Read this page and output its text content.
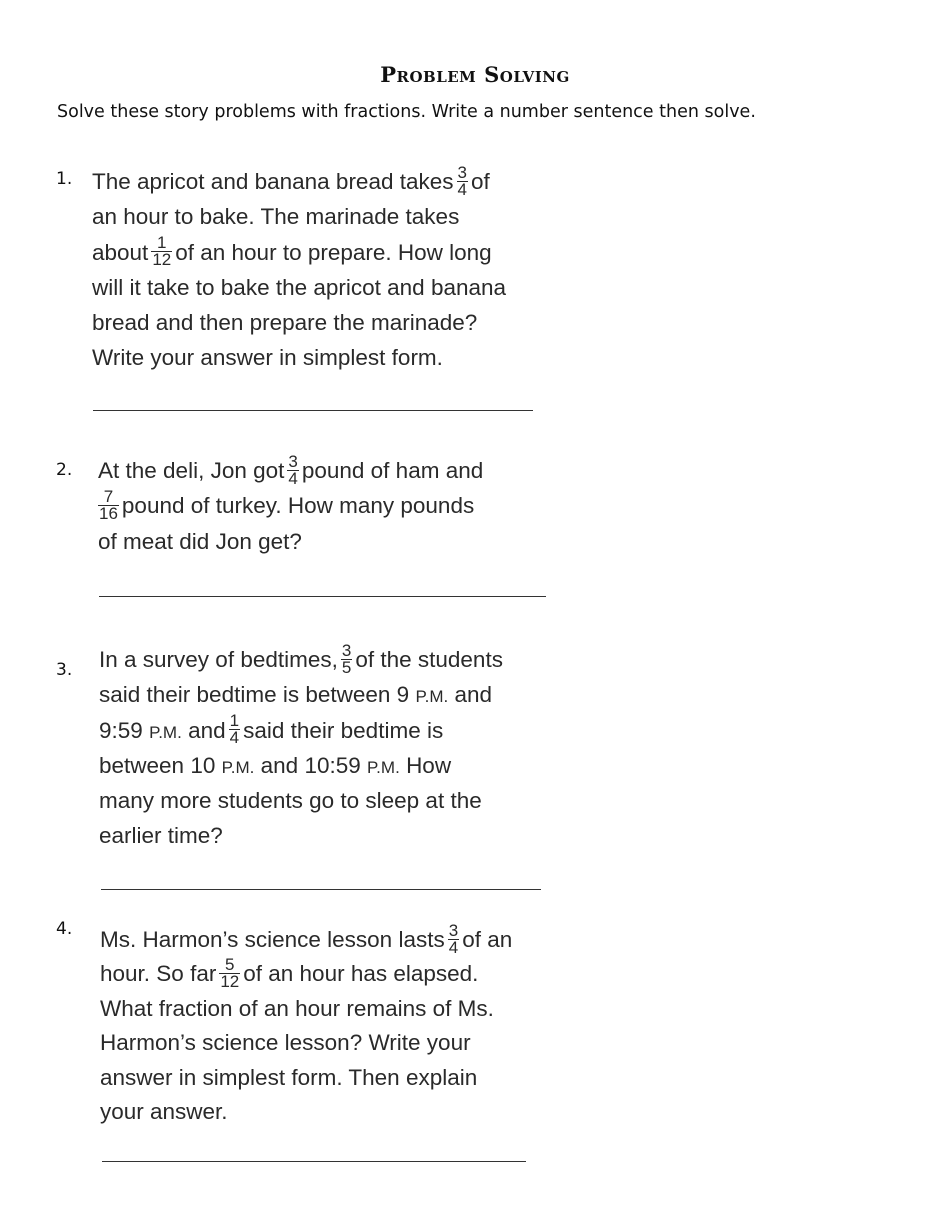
Problem Solving
Solve these story problems with fractions. Write a number sentence then solve.
1. The apricot and banana bread takes $\frac{3}{4}$ of
an hour to bake. The marinade takes
about $\frac{1}{12}$ of an hour to prepare. How long
will it take to bake the apricot and banana
bread and then prepare the marinade?
Write your answer in simplest form.
2. At the deli, Jon got $\frac{3}{4}$ pound of ham and
$\frac{7}{16}$ pound of turkey. How many pounds
of meat did Jon get?
3. In a survey of bedtimes, $\frac{3}{5}$ of the students
said their bedtime is between 9 P.M. and
9:59 P.M. and $\frac{1}{4}$ said their bedtime is
between 10 P.M. and 10:59 P.M. How
many more students go to sleep at the
earlier time?
4. Ms. Harmon’s science lesson lasts $\frac{3}{4}$ of an
hour. So far $\frac{5}{12}$ of an hour has elapsed.
What fraction of an hour remains of Ms.
Harmon’s science lesson? Write your
answer in simplest form. Then explain
your answer.
